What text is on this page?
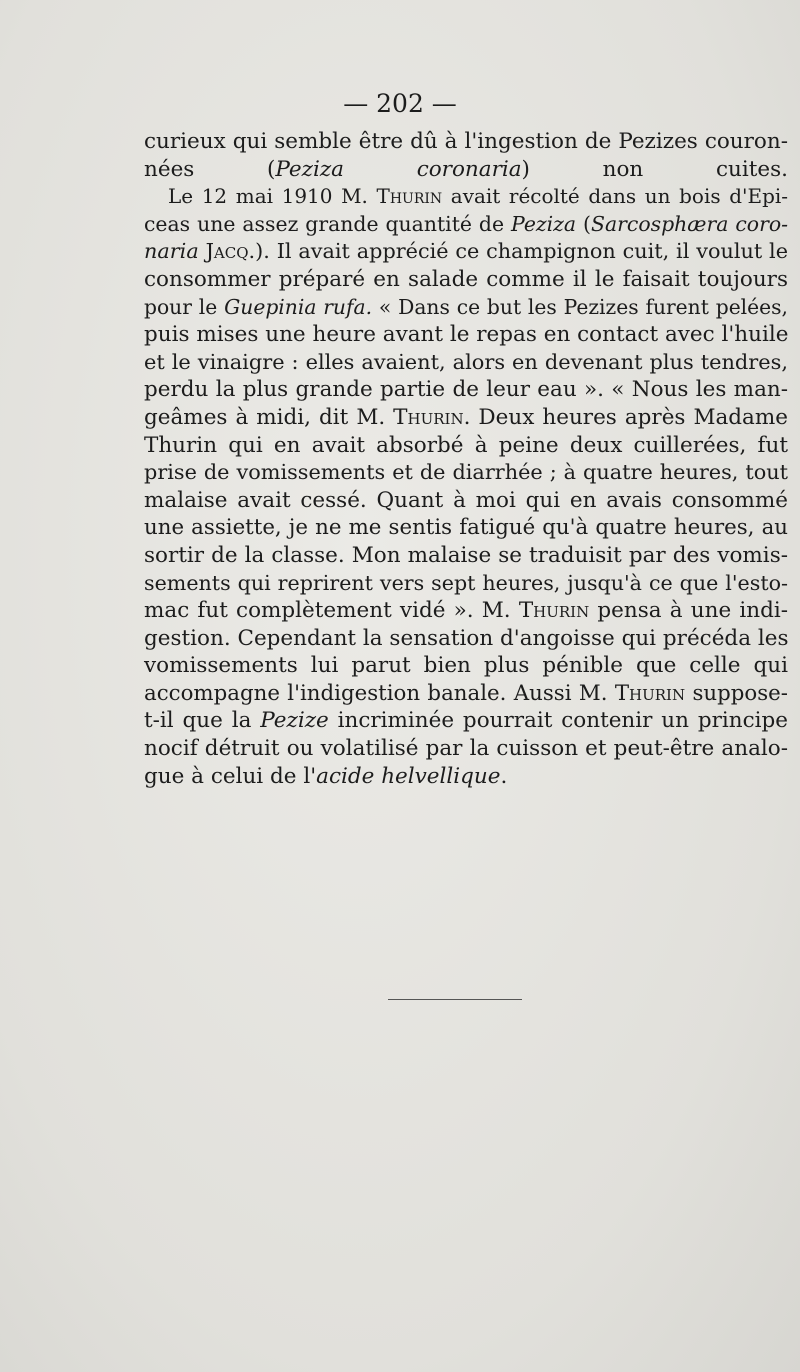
— 202 —
curieux qui semble être dû à l'ingestion de Pezizes couron-
nées (Peziza coronaria) non cuites.
Le 12 mai 1910 M. Thurin avait récolté dans un bois d'Epi-
ceas une assez grande quantité de Peziza (Sarcosphæra coro-
naria Jacq.). Il avait apprécié ce champignon cuit, il voulut le
consommer préparé en salade comme il le faisait toujours
pour le Guepinia rufa. « Dans ce but les Pezizes furent pelées,
puis mises une heure avant le repas en contact avec l'huile
et le vinaigre : elles avaient, alors en devenant plus tendres,
perdu la plus grande partie de leur eau ». « Nous les man-
geâmes à midi, dit M. Thurin. Deux heures après Madame
Thurin qui en avait absorbé à peine deux cuillerées, fut
prise de vomissements et de diarrhée ; à quatre heures, tout
malaise avait cessé. Quant à moi qui en avais consommé
une assiette, je ne me sentis fatigué qu'à quatre heures, au
sortir de la classe. Mon malaise se traduisit par des vomis-
sements qui reprirent vers sept heures, jusqu'à ce que l'esto-
mac fut complètement vidé ». M. Thurin pensa à une indi-
gestion. Cependant la sensation d'angoisse qui précéda les
vomissements lui parut bien plus pénible que celle qui
accompagne l'indigestion banale. Aussi M. Thurin suppose-
t-il que la Pezize incriminée pourrait contenir un principe
nocif détruit ou volatilisé par la cuisson et peut-être analo-
gue à celui de l'acide helvellique.
